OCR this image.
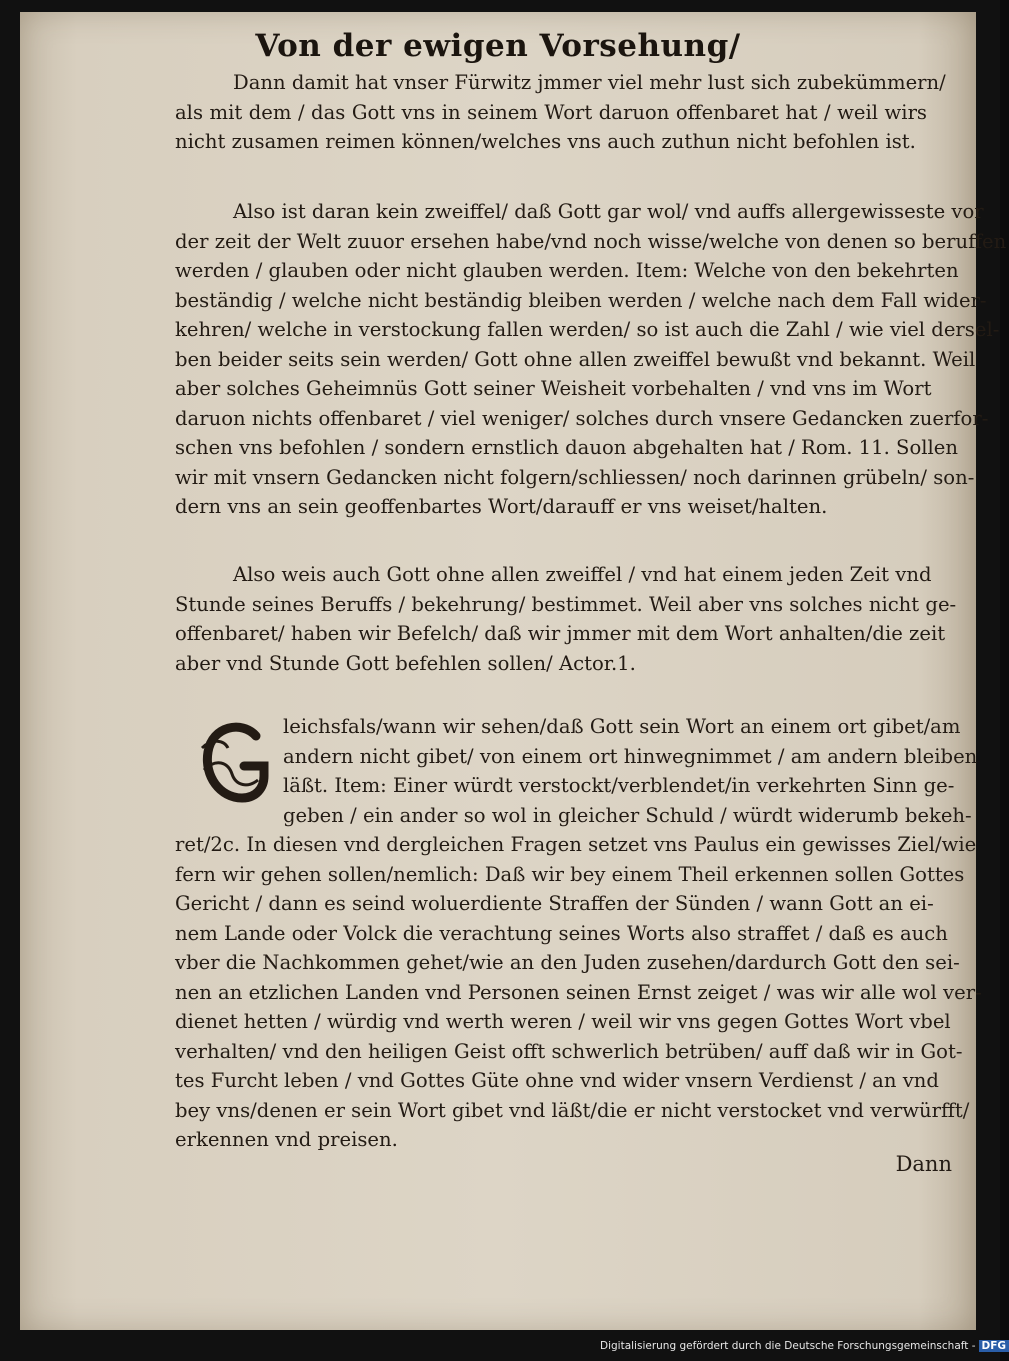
Von der ewigen Vorsehung/
Dann damit hat vnser Fürwitz jmmer viel mehr lust sich zubekümmern/
als mit dem / das Gott vns in seinem Wort daruon offenbaret hat / weil wirs
nicht zusamen reimen können/welches vns auch zuthun nicht befohlen ist.
Also ist daran kein zweiffel/ daß Gott gar wol/ vnd auffs allergewisseste vor
der zeit der Welt zuuor ersehen habe/vnd noch wisse/welche von denen so beruffen
werden / glauben oder nicht glauben werden. Item: Welche von den bekehrten
beständig / welche nicht beständig bleiben werden / welche nach dem Fall wider-
kehren/ welche in verstockung fallen werden/ so ist auch die Zahl / wie viel dersel-
ben beider seits sein werden/ Gott ohne allen zweiffel bewußt vnd bekannt. Weil
aber solches Geheimnüs Gott seiner Weisheit vorbehalten / vnd vns im Wort
daruon nichts offenbaret / viel weniger/ solches durch vnsere Gedancken zuerfor-
schen vns befohlen / sondern ernstlich dauon abgehalten hat / Rom. 11. Sollen
wir mit vnsern Gedancken nicht folgern/schliessen/ noch darinnen grübeln/ son-
dern vns an sein geoffenbartes Wort/darauff er vns weiset/halten.
Also weis auch Gott ohne allen zweiffel / vnd hat einem jeden Zeit vnd
Stunde seines Beruffs / bekehrung/ bestimmet. Weil aber vns solches nicht ge-
offenbaret/ haben wir Befelch/ daß wir jmmer mit dem Wort anhalten/die zeit
aber vnd Stunde Gott befehlen sollen/ Actor.1.
G
leichsfals/wann wir sehen/daß Gott sein Wort an einem ort gibet/am
andern nicht gibet/ von einem ort hinwegnimmet / am andern bleiben
läßt. Item: Einer würdt verstockt/verblendet/in verkehrten Sinn ge-
geben / ein ander so wol in gleicher Schuld / würdt widerumb bekeh-
ret/2c. In diesen vnd dergleichen Fragen setzet vns Paulus ein gewisses Ziel/wie
fern wir gehen sollen/nemlich: Daß wir bey einem Theil erkennen sollen Gottes
Gericht / dann es seind woluerdiente Straffen der Sünden / wann Gott an ei-
nem Lande oder Volck die verachtung seines Worts also straffet / daß es auch
vber die Nachkommen gehet/wie an den Juden zusehen/dardurch Gott den sei-
nen an etzlichen Landen vnd Personen seinen Ernst zeiget / was wir alle wol ver-
dienet hetten / würdig vnd werth weren / weil wir vns gegen Gottes Wort vbel
verhalten/ vnd den heiligen Geist offt schwerlich betrüben/ auff daß wir in Got-
tes Furcht leben / vnd Gottes Güte ohne vnd wider vnsern Verdienst / an vnd
bey vns/denen er sein Wort gibet vnd läßt/die er nicht verstocket vnd verwürfft/
erkennen vnd preisen.
Dann
Digitalisierung gefördert durch die Deutsche Forschungsgemeinschaft - DFG
